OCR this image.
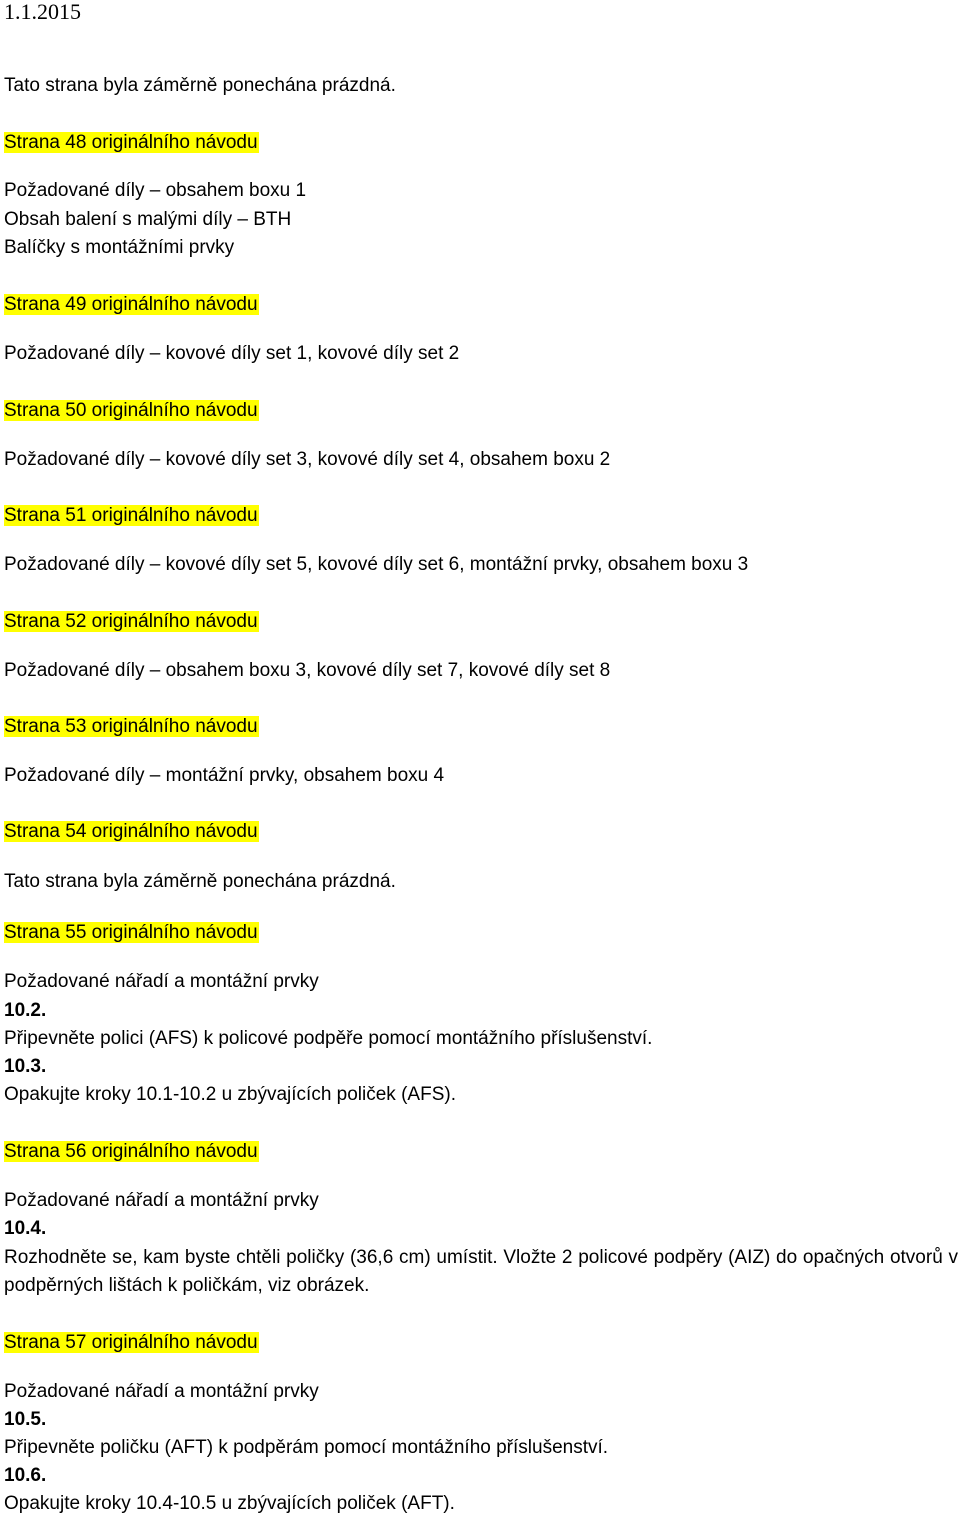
1.1.2015
Tato strana byla záměrně ponechána prázdná.
Strana 48 originálního návodu
Požadované díly – obsahem boxu 1
Obsah balení s malými díly – BTH
Balíčky s montážními prvky
Strana 49 originálního návodu
Požadované díly – kovové díly set 1, kovové díly set 2
Strana 50 originálního návodu
Požadované díly – kovové díly set 3, kovové díly set 4, obsahem boxu 2
Strana 51 originálního návodu
Požadované díly – kovové díly set 5, kovové díly set 6, montážní prvky, obsahem boxu 3
Strana 52 originálního návodu
Požadované díly – obsahem boxu 3, kovové díly set 7, kovové díly set 8
Strana 53 originálního návodu
Požadované díly – montážní prvky, obsahem boxu 4
Strana 54 originálního návodu
Tato strana byla záměrně ponechána prázdná.
Strana 55 originálního návodu
Požadované nářadí a montážní prvky
10.2.
Připevněte polici (AFS) k policové podpěře pomocí montážního příslušenství.
10.3.
Opakujte kroky 10.1-10.2 u zbývajících poliček (AFS).
Strana 56 originálního návodu
Požadované nářadí a montážní prvky
10.4.
Rozhodněte se, kam byste chtěli poličky (36,6 cm) umístit. Vložte 2 policové podpěry (AIZ) do opačných otvorů v podpěrných lištách k poličkám, viz obrázek.
Strana 57 originálního návodu
Požadované nářadí a montážní prvky
10.5.
Připevněte poličku (AFT) k podpěrám pomocí montážního příslušenství.
10.6.
Opakujte kroky 10.4-10.5 u zbývajících poliček (AFT).
